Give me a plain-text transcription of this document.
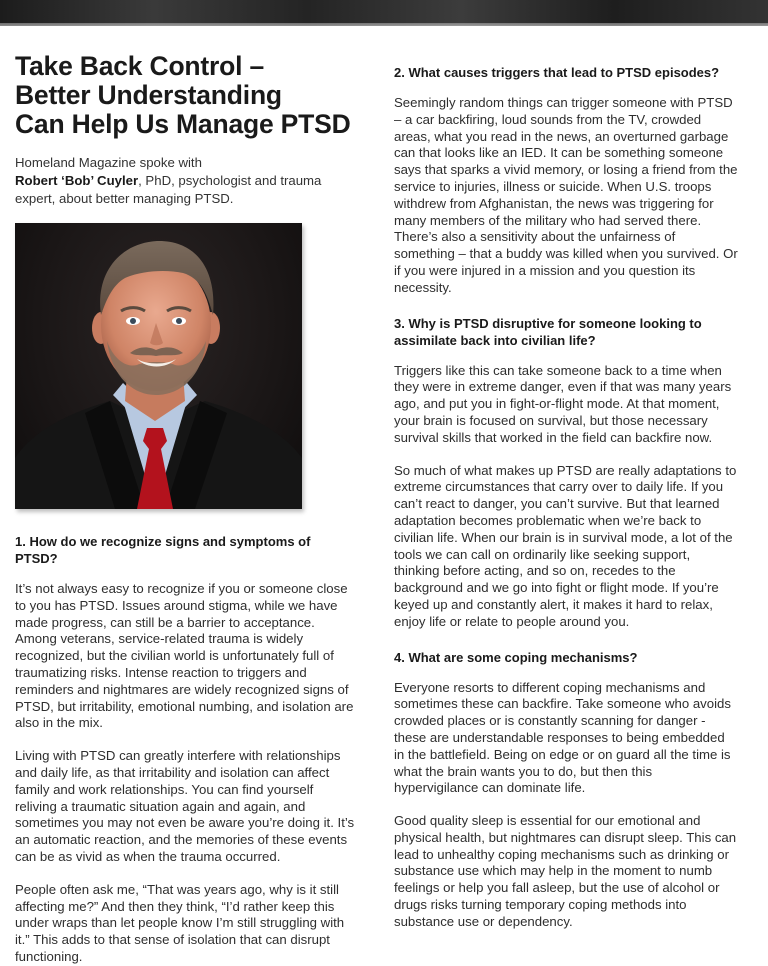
Take Back Control –
Better Understanding
Can Help Us Manage PTSD

Homeland Magazine spoke with
Robert ‘Bob’ Cuyler, PhD, psychologist and trauma expert, about better managing PTSD.

1. How do we recognize signs and symptoms of PTSD?

It’s not always easy to recognize if you or someone close to you has PTSD. Issues around stigma, while we have made progress, can still be a barrier to acceptance. Among veterans, service-related trauma is widely recognized, but the civilian world is unfortunately full of traumatizing risks. Intense reaction to triggers and reminders and nightmares are widely recognized signs of PTSD, but irritability, emotional numbing, and isolation are also in the mix.

Living with PTSD can greatly interfere with relationships and daily life, as that irritability and isolation can affect family and work relationships. You can find yourself reliving a traumatic situation again and again, and sometimes you may not even be aware you’re doing it. It’s an automatic reaction, and the memories of these events can be as vivid as when the trauma occurred.

People often ask me, “That was years ago, why is it still affecting me?” And then they think, “I’d rather keep this under wraps than let people know I’m still struggling with it.” This adds to that sense of isolation that can disrupt functioning.

2. What causes triggers that lead to PTSD episodes?

Seemingly random things can trigger someone with PTSD – a car backfiring, loud sounds from the TV, crowded areas, what you read in the news, an overturned garbage can that looks like an IED. It can be something someone says that sparks a vivid memory, or losing a friend from the service to injuries, illness or suicide. When U.S. troops withdrew from Afghanistan, the news was triggering for many members of the military who had served there. There’s also a sensitivity about the unfairness of something – that a buddy was killed when you survived. Or if you were injured in a mission and you question its necessity.

3. Why is PTSD disruptive for someone looking to assimilate back into civilian life?

Triggers like this can take someone back to a time when they were in extreme danger, even if that was many years ago, and put you in fight-or-flight mode. At that moment, your brain is focused on survival, but those necessary survival skills that worked in the field can backfire now.

So much of what makes up PTSD are really adaptations to extreme circumstances that carry over to daily life. If you can’t react to danger, you can’t survive. But that learned adaptation becomes problematic when we’re back to civilian life. When our brain is in survival mode, a lot of the tools we can call on ordinarily like seeking support, thinking before acting, and so on, recedes to the background and we go into fight or flight mode. If you’re keyed up and constantly alert, it makes it hard to relax, enjoy life or relate to people around you.

4. What are some coping mechanisms?

Everyone resorts to different coping mechanisms and sometimes these can backfire. Take someone who avoids crowded places or is constantly scanning for danger - these are understandable responses to being embedded in the battlefield. Being on edge or on guard all the time is what the brain wants you to do, but then this hypervigilance can dominate life.

Good quality sleep is essential for our emotional and physical health, but nightmares can disrupt sleep. This can lead to unhealthy coping mechanisms such as drinking or substance use which may help in the moment to numb feelings or help you fall asleep, but the use of alcohol or drugs risks turning temporary coping methods into substance use or dependency.
